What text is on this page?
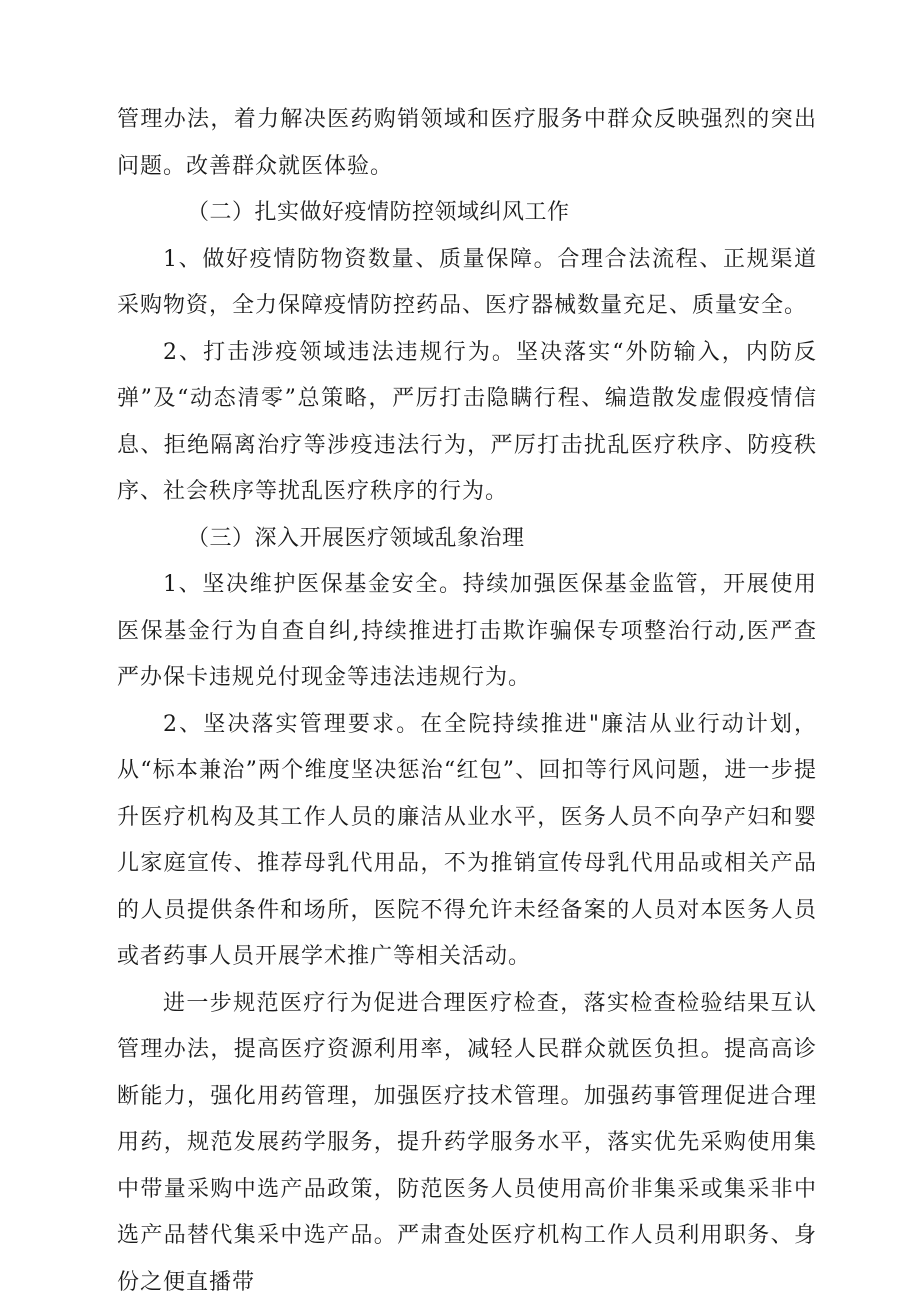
管理办法，着力解决医药购销领域和医疗服务中群众反映强烈的突出问题。改善群众就医体验。

（二）扎实做好疫情防控领域纠风工作

1、做好疫情防物资数量、质量保障。合理合法流程、正规渠道采购物资，全力保障疫情防控药品、医疗器械数量充足、质量安全。

2、打击涉疫领域违法违规行为。坚决落实“外防输入，内防反弹”及“动态清零”总策略，严厉打击隐瞒行程、编造散发虚假疫情信息、拒绝隔离治疗等涉疫违法行为，严厉打击扰乱医疗秩序、防疫秩序、社会秩序等扰乱医疗秩序的行为。

（三）深入开展医疗领域乱象治理

1、坚决维护医保基金安全。持续加强医保基金监管，开展使用医保基金行为自查自纠,持续推进打击欺诈骗保专项整治行动,医严查严办保卡违规兑付现金等违法违规行为。

2、坚决落实管理要求。在全院持续推进"廉洁从业行动计划，从“标本兼治”两个维度坚决惩治“红包”、回扣等行风问题，进一步提升医疗机构及其工作人员的廉洁从业水平，医务人员不向孕产妇和婴儿家庭宣传、推荐母乳代用品，不为推销宣传母乳代用品或相关产品的人员提供条件和场所，医院不得允许未经备案的人员对本医务人员或者药事人员开展学术推广等相关活动。

进一步规范医疗行为促进合理医疗检查，落实检查检验结果互认管理办法，提高医疗资源利用率，减轻人民群众就医负担。提高高诊断能力，强化用药管理，加强医疗技术管理。加强药事管理促进合理用药，规范发展药学服务，提升药学服务水平，落实优先采购使用集中带量采购中选产品政策，防范医务人员使用高价非集采或集采非中选产品替代集采中选产品。严肃查处医疗机构工作人员利用职务、身份之便直播带
